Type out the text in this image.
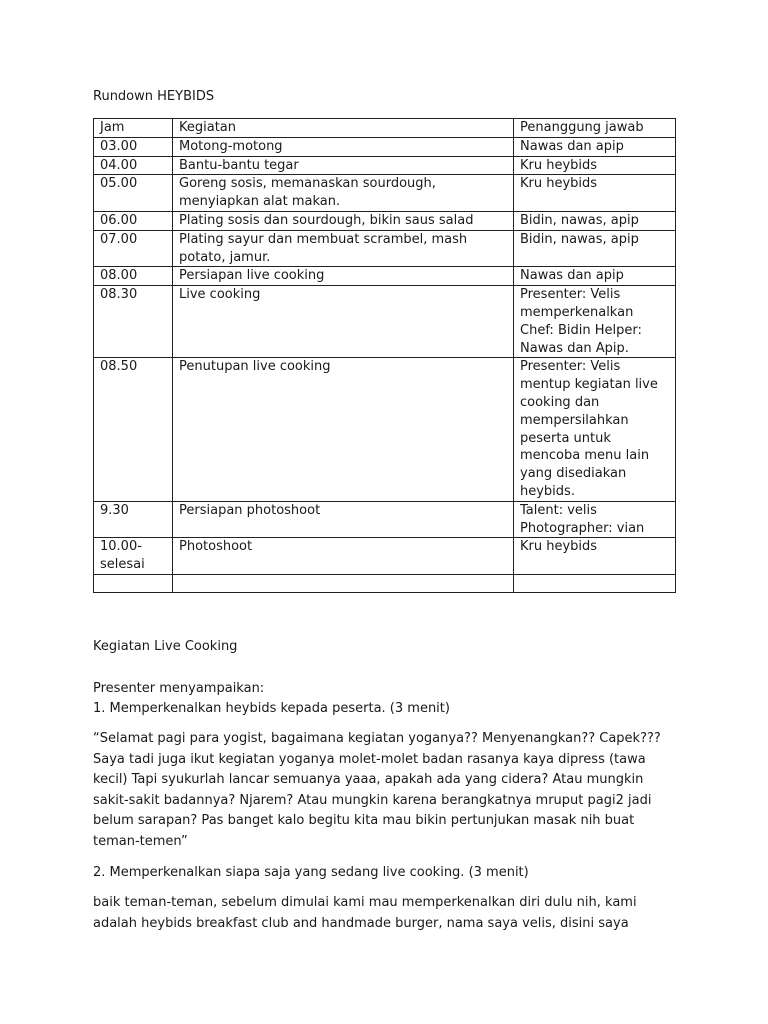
Rundown HEYBIDS
Jam	Kegiatan	Penanggung jawab
03.00	Motong-motong	Nawas dan apip
04.00	Bantu-bantu tegar	Kru heybids
05.00	Goreng sosis, memanaskan sourdough, menyiapkan alat makan.	Kru heybids
06.00	Plating sosis dan sourdough, bikin saus salad	Bidin, nawas, apip
07.00	Plating sayur dan membuat scrambel, mash potato, jamur.	Bidin, nawas, apip
08.00	Persiapan live cooking	Nawas dan apip
08.30	Live cooking	Presenter: Velis memperkenalkan Chef: Bidin Helper: Nawas dan Apip.
08.50	Penutupan live cooking	Presenter: Velis mentup kegiatan live cooking dan mempersilahkan peserta untuk mencoba menu lain yang disediakan heybids.
9.30	Persiapan photoshoot	Talent: velis Photographer: vian
10.00-selesai	Photoshoot	Kru heybids

Kegiatan Live Cooking

Presenter menyampaikan:

1. Memperkenalkan heybids kepada peserta. (3 menit)

“Selamat pagi para yogist, bagaimana kegiatan yoganya?? Menyenangkan?? Capek??? Saya tadi juga ikut kegiatan yoganya molet-molet badan rasanya kaya dipress (tawa kecil) Tapi syukurlah lancar semuanya yaaa, apakah ada yang cidera? Atau mungkin sakit-sakit badannya? Njarem? Atau mungkin karena berangkatnya mruput pagi2 jadi belum sarapan? Pas banget kalo begitu kita mau bikin pertunjukan masak nih buat teman-temen”

2. Memperkenalkan siapa saja yang sedang live cooking. (3 menit)

baik teman-teman, sebelum dimulai kami mau memperkenalkan diri dulu nih, kami adalah heybids breakfast club and handmade burger, nama saya velis, disini saya
